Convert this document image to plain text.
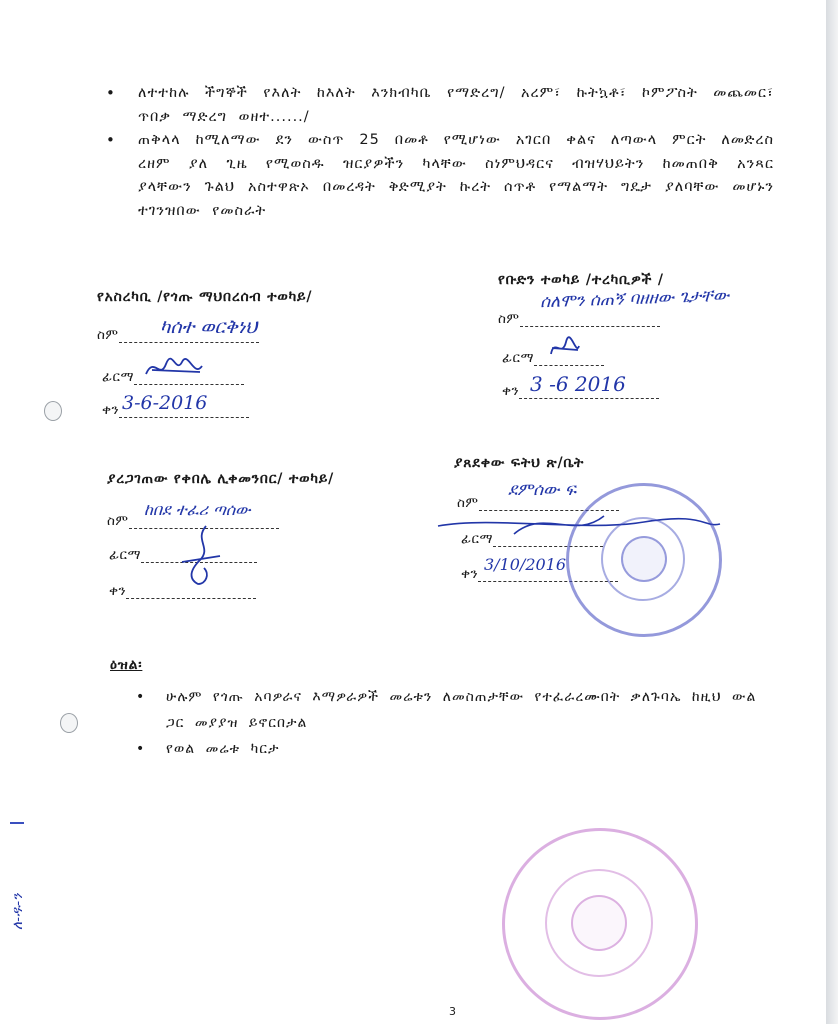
• ለተተከሉ ችግኞች የእለት ከእለት እንክብካቤ የማድረግ/ አረም፣ ኩትኳቶ፣ ኮምፖስት መጨመር፣ ጥበቃ ማድረግ ወዘተ....../
• ጠቅላላ ከሚለማው ደን ውስጥ 25 በመቶ የሚሆነው አገርበ ቀልና ለጣውላ ምርት ለመድረስ ረዘም ያለ ጊዜ የሚወስዱ ዝርያዎችን ካላቸው ስነምህዳርና ብዝሃህይትን ከመጠበቅ አንጻር ያላቸውን ጉልህ አስተዋጽኦ በመረዳት ቅድሚያት ኩረት ሰጥቶ የማልማት ግዴታ ያለባቸው መሆኑን ተገንዝበው የመስራት
የአስረካቢ /የጎጡ ማህበረሰብ ተወካይ/
ስም	ካሰተ ወርቅነህ
ፊርማ
ቀን 3-6-2016
የቡድን ተወካይ /ተረካቢዎች /
ስም
ሰለሞን ሰጠኝ ባዘዘው ጌታቸው
ፊርማ
ቀን 3 -6 2016
ያረጋገጠው የቀበሌ ሊቀመንበር/ ተወካይ/
ስም
ከበደ ተፈሪ ጣሰው
ፊርማ
ቀን
ያጸደቀው ፍትህ ጽ/ቤት
ስም
ደምሰው ፍ
ፊርማ
ቀን 3/10/2016
ዕዝል፡
• ሁሉም የጎጡ አባዎራና እማዎራዎች መሬቱን ለመስጠታቸው የተፈራረሙበት ቃለጉባኤ ከዚህ ውል ጋር መያያዝ ይኖርበታል
• የወል መሬቱ ካርታ
ለ-ዱ-ን
3
